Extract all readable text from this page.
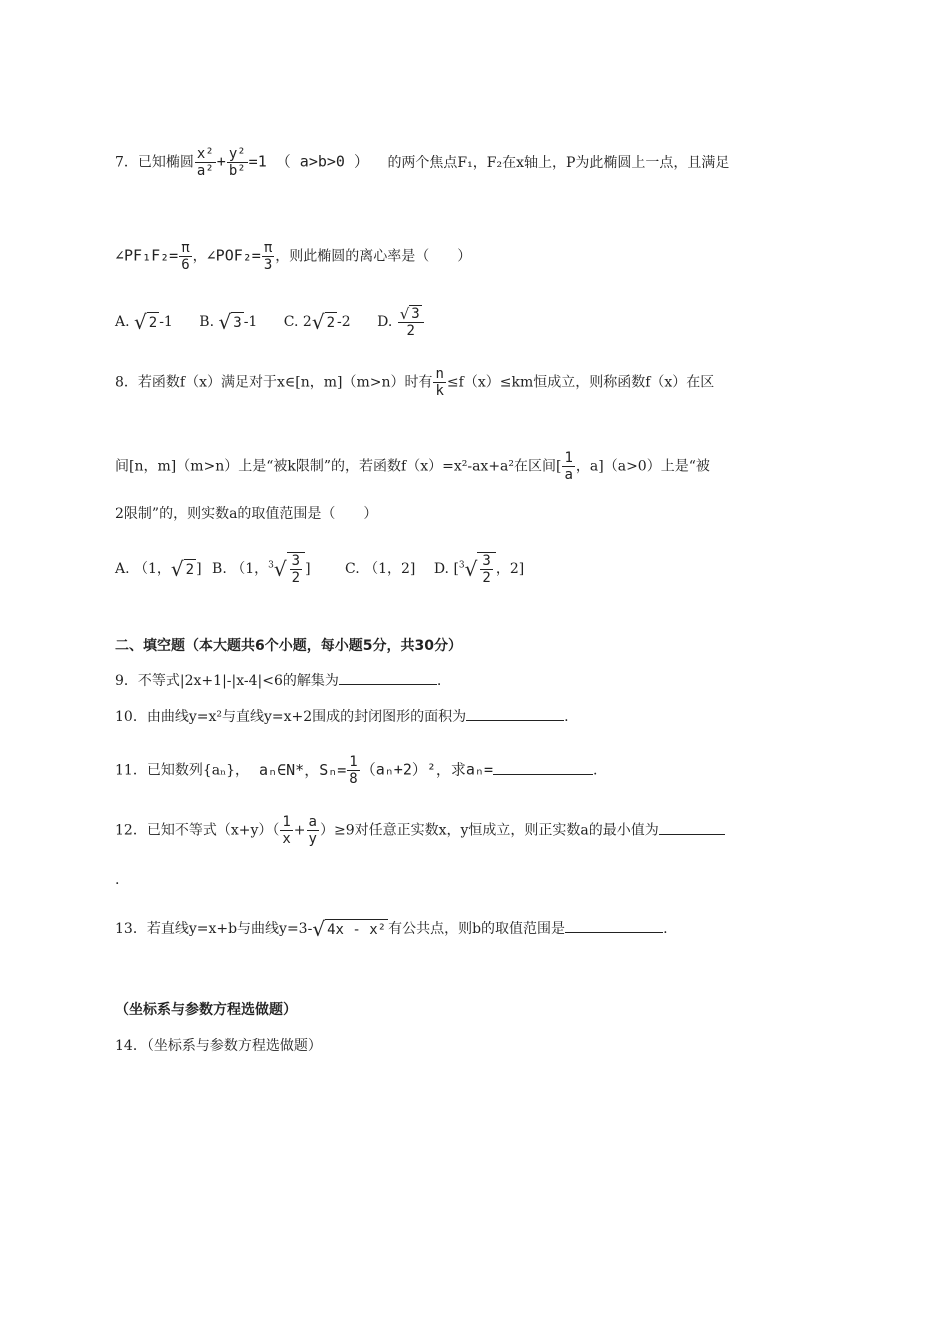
7．已知椭圆 $\frac{\text{x²}}{\text{a²}} + \frac{\text{y²}}{\text{b²}} =1$ （ a>b>0 ） 的两个焦点F₁，F₂在x轴上，P为此椭圆上一点，且满足
∠PF₁F₂= $\frac{\pi}{6}$ ，∠POF₂= $\frac{\pi}{3}$ ，则此椭圆的离心率是（　　）
A. √ 2 -1 B. √ 3 -1 C. 2 √ 2 -2 D. $\frac{√ 3}{2}$
8．若函数f（x）满足对于x∈[n，m]（m>n）时有 $\frac{n}{k} \le f(x)\le km$恒成立，则称函数f（x）在区
间[n，m]（m>n）上是“被k限制”的，若函数f（x）=x²-ax+a²在区间[ $\frac{1}{a}$ ，a]（a>0）上是“被
2限制”的，则实数a的取值范围是（　　）
A. （1， √ 2 ] B. （1，$^3$ √ $\frac{3}{2}$ ] C. （1，2] D. [$^3$ √ $\frac{3}{2}$ ，2]
二、填空题（本大题共6个小题，每小题5分，共30分）
9．不等式|2x+1|-|x-4|<6的解集为	.
10．由曲线y=x²与直线y=x+2围成的封闭图形的面积为	.
11．已知数列{aₙ}， aₙ∈N*，$S_n= \frac{1}{8} (a_n+2)^2$，求aₙ=	.
12．已知不等式$(x+y)( \frac{1}{x} + \frac{a}{y} )\ge 9$对任意正实数x，y恒成立，则正实数a的最小值为
.
13．若直线y=x+b与曲线y=3- √ 4x - x² 有公共点，则b的取值范围是	.
（坐标系与参数方程选做题）
14．（坐标系与参数方程选做题）
